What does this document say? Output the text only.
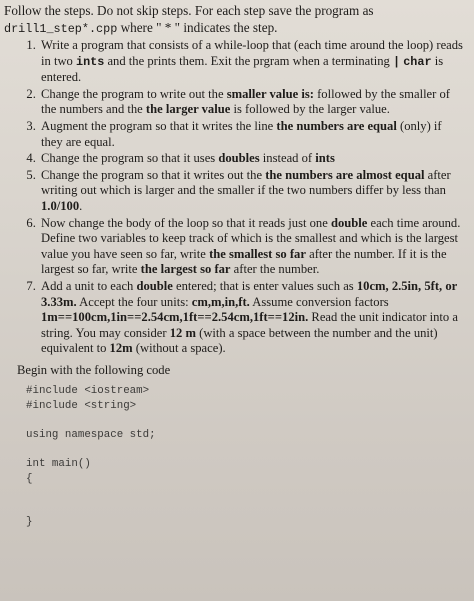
Follow the steps. Do not skip steps. For each step save the program as
drill1_step*.cpp where " * " indicates the step.

1. Write a program that consists of a while-loop that (each time around the loop) reads in two ints and the prints them. Exit the prgram when a terminating | char is entered.
2. Change the program to write out the smaller value is: followed by the smaller of the numbers and the the larger value is followed by the larger value.
3. Augment the program so that it writes the line the numbers are equal (only) if they are equal.
4. Change the program so that it uses doubles instead of ints
5. Change the program so that it writes out the the numbers are almost equal after writing out which is larger and the smaller if the two numbers differ by less than 1.0/100.
6. Now change the body of the loop so that it reads just one double each time around. Define two variables to keep track of which is the smallest and which is the largest value you have seen so far, write the smallest so far after the number. If it is the largest so far, write the largest so far after the number.
7. Add a unit to each double entered; that is enter values such as 10cm, 2.5in, 5ft, or 3.33m. Accept the four units: cm,m,in,ft. Assume conversion factors 1m==100cm,1in==2.54cm,1ft==2.54cm,1ft==12in. Read the unit indicator into a string. You may consider 12 m (with a space between the number and the unit) equivalent to 12m (without a space).

Begin with the following code

#include <iostream>
#include <string>
using namespace std;
int main()
{
}
